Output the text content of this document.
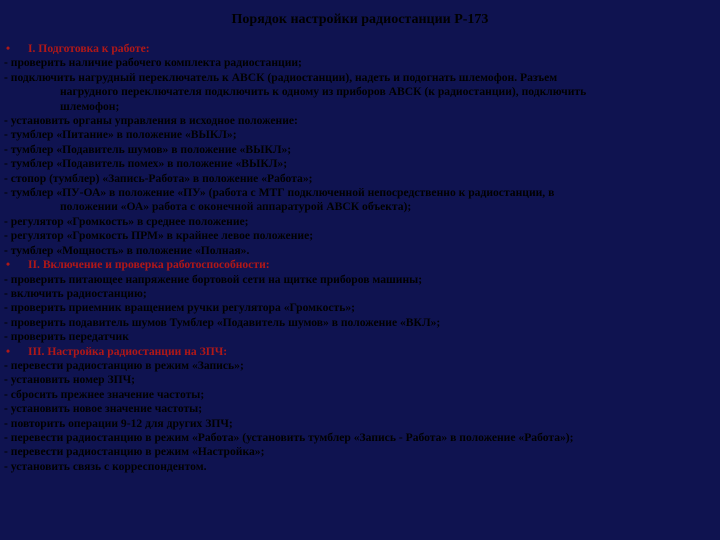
Порядок настройки радиостанции Р-173
• I. Подготовка к работе:
- проверить наличие рабочего комплекта радиостанции;
- подключить нагрудный переключатель к АВСК (радиостанции), надеть и подогнать шлемофон. Разъем
нагрудного переключателя подключить к одному из приборов АВСК (к радиостанции), подключить
шлемофон;
- установить органы управления в исходное положение:
- тумблер «Питание» в положение «ВЫКЛ»;
- тумблер «Подавитель шумов» в положение «ВЫКЛ»;
- тумблер «Подавитель помех» в положение «ВЫКЛ»;
- стопор (тумблер) «Запись-Работа» в положение «Работа»;
- тумблер «ПУ-ОА» в положение «ПУ» (работа с МТГ подключенной непосредственно к радиостанции, в
положении «ОА» работа с оконечной аппаратурой АВСК объекта);
- регулятор «Громкость» в среднее положение;
- регулятор «Громкость ПРМ» в крайнее левое положение;
- тумблер «Мощность» в положение «Полная».
• II. Включение и проверка работоспособности:
- проверить питающее напряжение бортовой сети на щитке приборов машины;
- включить радиостанцию;
- проверить приемник вращением ручки регулятора «Громкость»;
- проверить подавитель шумов Тумблер «Подавитель шумов» в положение «ВКЛ»;
- проверить передатчик
• III. Настройка радиостанции на ЗПЧ:
- перевести радиостанцию в режим «Запись»;
- установить номер ЗПЧ;
- сбросить прежнее значение частоты;
- установить новое значение частоты;
- повторить операции 9-12 для других ЗПЧ;
- перевести радиостанцию в режим «Работа» (установить тумблер «Запись - Работа» в положение «Работа»);
- перевести радиостанцию в режим «Настройка»;
- установить связь с корреспондентом.
